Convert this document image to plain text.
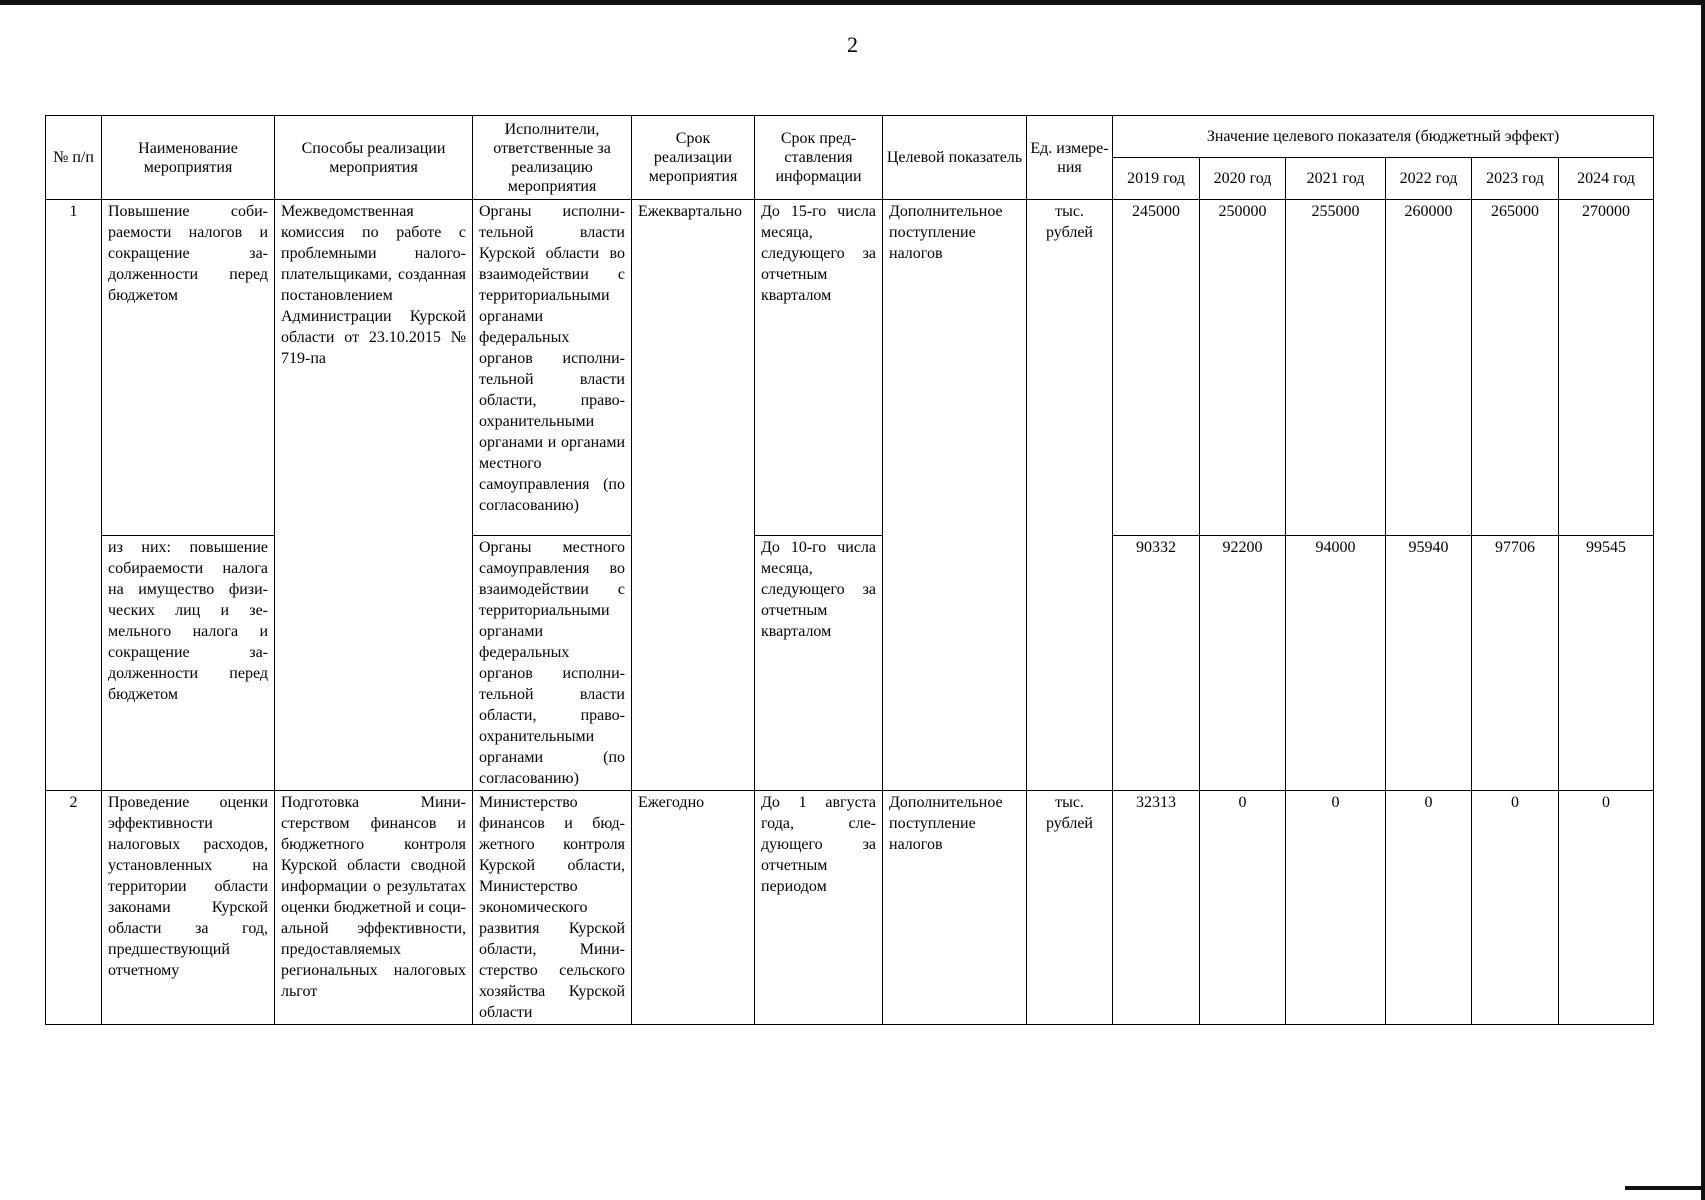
2
№ п/п	Наименование мероприятия	Способы реализации мероприятия	Исполнители, ответственные за реализацию мероприятия	Срок реализации мероприятия	Срок представления информации	Целевой показатель	Ед. измерения	Значение целевого показателя (бюджетный эффект)					
								2019 год	2020 год	2021 год	2022 год	2023 год	2024 год
1	Повышение собираемости налогов и сокращение задолженности перед бюджетом	Межведомственная комиссия по работе с проблемными налогоплательщиками, созданная постановлением Администрации Курской области от 23.10.2015 № 719-па	Органы исполнительной власти Курской области во взаимодействии с территориальными органами федеральных органов исполнительной власти области, правоохранительными органами и органами местного самоуправления (по согласованию)	Ежеквартально	До 15-го числа месяца, следующего за отчетным кварталом	Дополнительное поступление налогов	тыс. рублей	245000	250000	255000	260000	265000	270000
	из них: повышение собираемости налога на имущество физических лиц и земельного налога и сокращение задолженности перед бюджетом		Органы местного самоуправления во взаимодействии с территориальными органами федеральных органов исполнительной власти области, правоохранительными органами (по согласованию)		До 10-го числа месяца, следующего за отчетным кварталом			90332	92200	94000	95940	97706	99545
2	Проведение оценки эффективности налоговых расходов, установленных на территории области законами Курской области за год, предшествующий отчетному	Подготовка Министерством финансов и бюджетного контроля Курской области сводной информации о результатах оценки бюджетной и социальной эффективности, предоставляемых региональных налоговых льгот	Министерство финансов и бюджетного контроля Курской области, Министерство экономического развития Курской области, Министерство сельского хозяйства Курской области	Ежегодно	До 1 августа года, следующего за отчетным периодом	Дополнительное поступление налогов	тыс. рублей	32313	0	0	0	0	0
